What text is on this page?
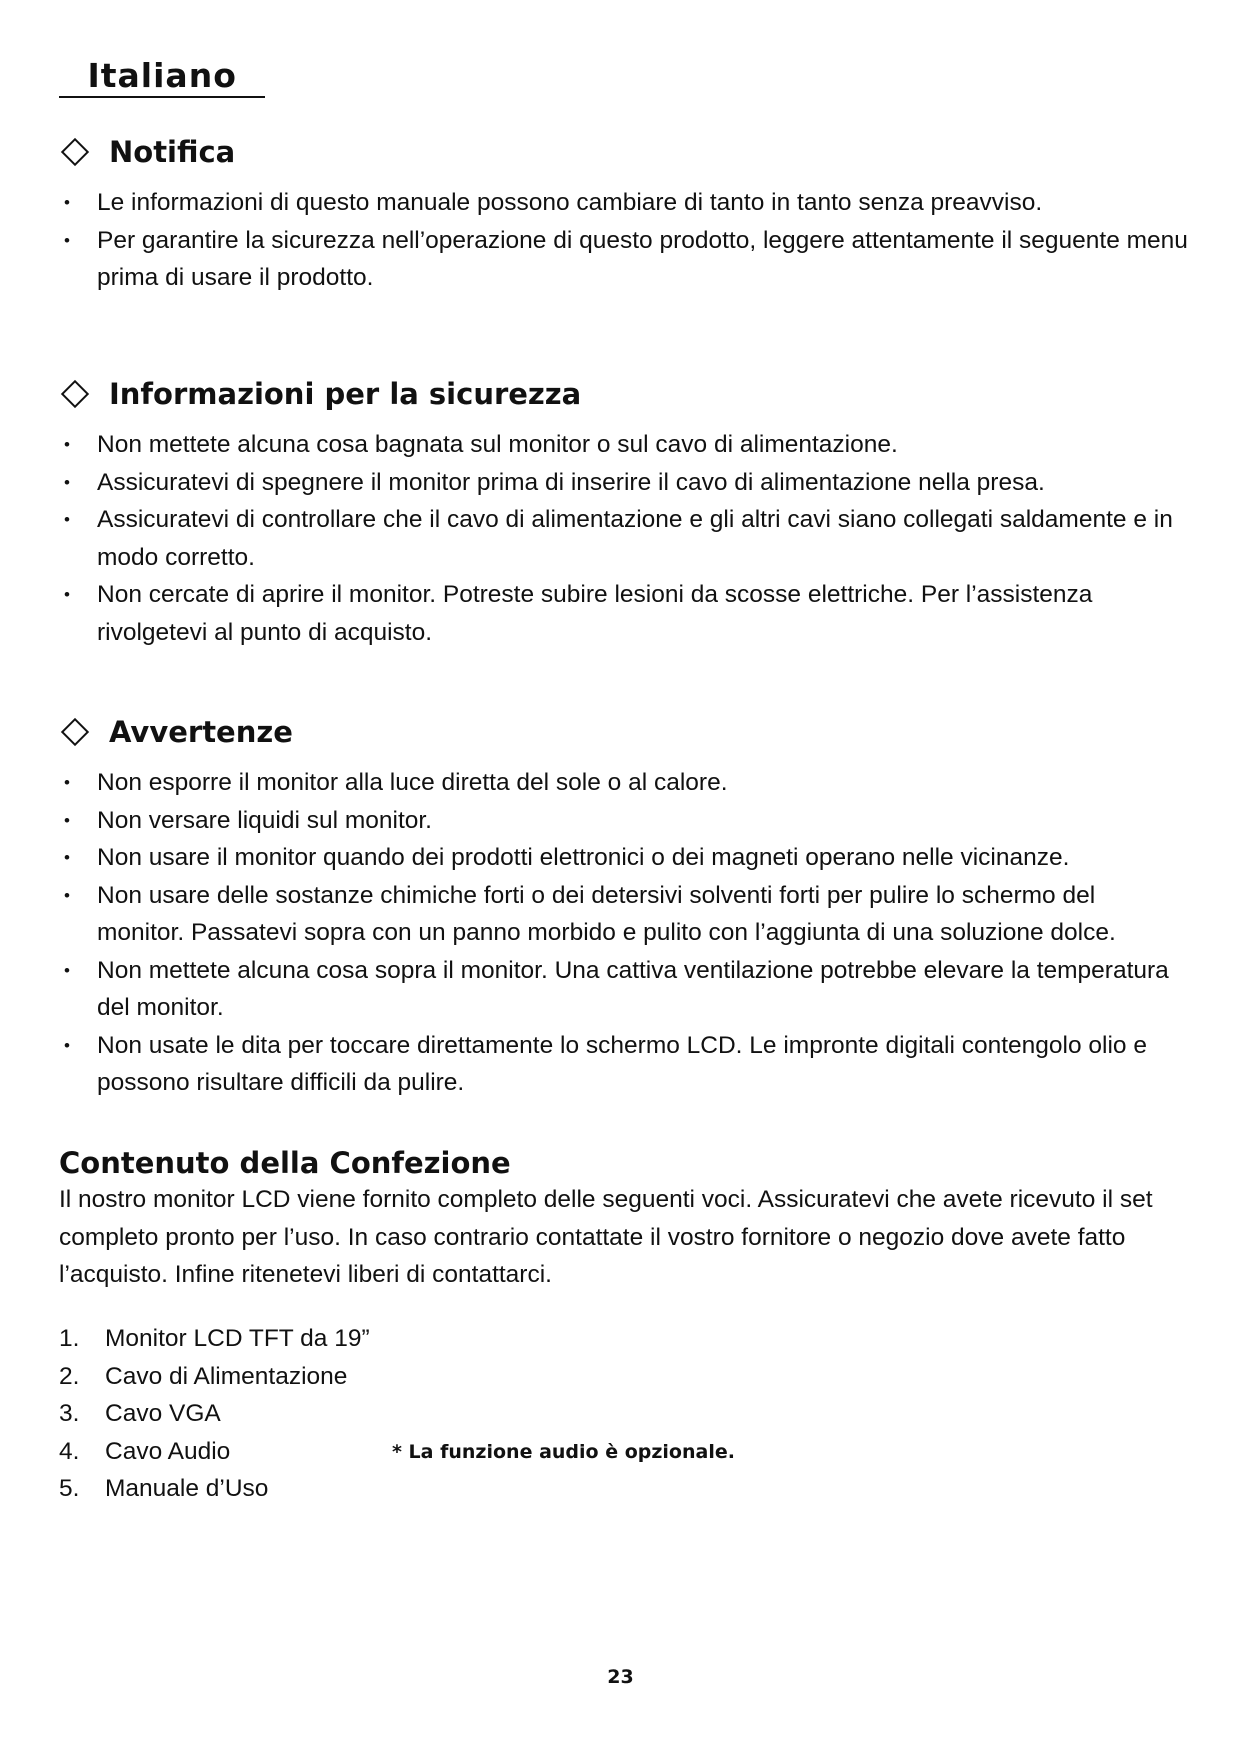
Italiano
Notifica
• Le informazioni di questo manuale possono cambiare di tanto in tanto senza preavviso.
• Per garantire la sicurezza nell’operazione di questo prodotto, leggere attentamente il seguente menu prima di usare il prodotto.
Informazioni per la sicurezza
• Non mettete alcuna cosa bagnata sul monitor o sul cavo di alimentazione.
• Assicuratevi di spegnere il monitor prima di inserire il cavo di alimentazione nella presa.
• Assicuratevi di controllare che il cavo di alimentazione e gli altri cavi siano collegati saldamente e in modo corretto.
• Non cercate di aprire il monitor. Potreste subire lesioni da scosse elettriche. Per l’assistenza rivolgetevi al punto di acquisto.
Avvertenze
• Non esporre il monitor alla luce diretta del sole o al calore.
• Non versare liquidi sul monitor.
• Non usare il monitor quando dei prodotti elettronici o dei magneti operano nelle vicinanze.
• Non usare delle sostanze chimiche forti o dei detersivi solventi forti per pulire lo schermo del monitor. Passatevi sopra con un panno morbido e pulito con l’aggiunta di una soluzione dolce.
• Non mettete alcuna cosa sopra il monitor. Una cattiva ventilazione potrebbe elevare la temperatura del monitor.
• Non usate le dita per toccare direttamente lo schermo LCD. Le impronte digitali contengolo olio e possono risultare difficili da pulire.
Contenuto della Confezione

Il nostro monitor LCD viene fornito completo delle seguenti voci. Assicuratevi che avete ricevuto il set completo pronto per l’uso. In caso contrario contattate il vostro fornitore o negozio dove avete fatto l’acquisto. Infine ritenetevi liberi di contattarci.

1.	Monitor LCD TFT da 19”
2.	Cavo di Alimentazione
3.	Cavo VGA
4.	Cavo Audio
5.	Manuale d’Uso
* La funzione audio è opzionale.
23
